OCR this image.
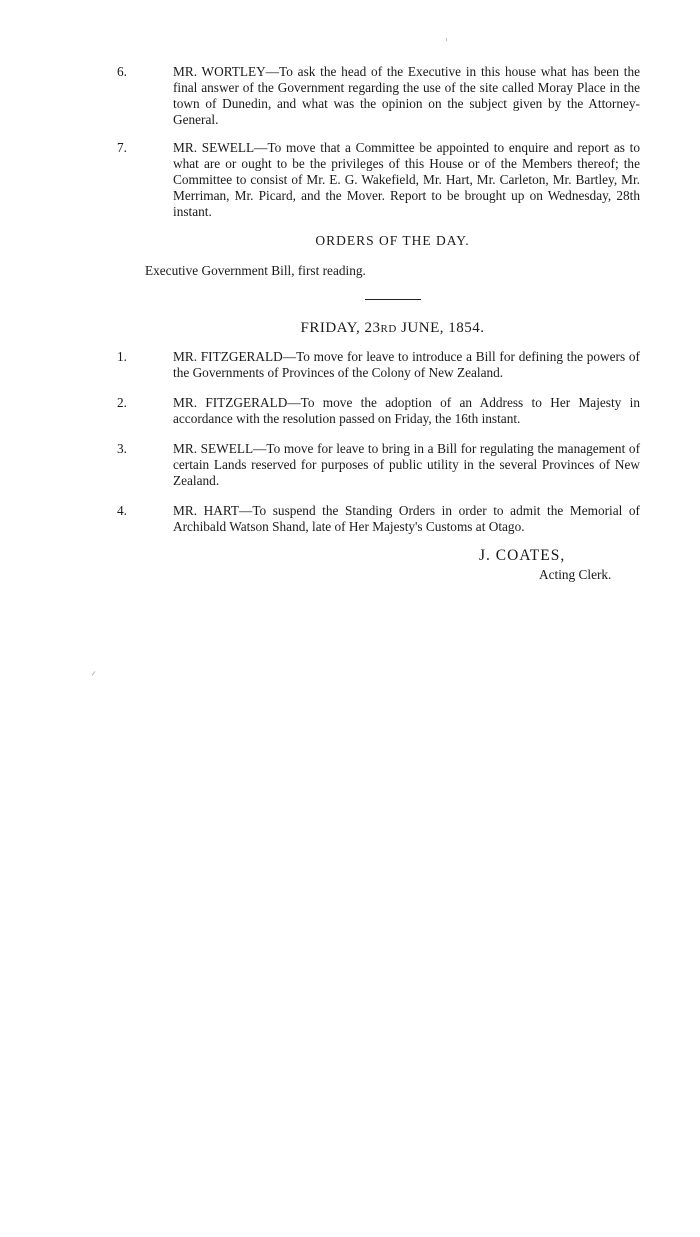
6.	MR. WORTLEY—To ask the head of the Executive in this house what has been the final answer of the Government regarding the use of the site called Moray Place in the town of Dunedin, and what was the opinion on the subject given by the Attorney-General.

7.	MR. SEWELL—To move that a Committee be appointed to enquire and report as to what are or ought to be the privileges of this House or of the Members thereof; the Committee to consist of Mr. E. G. Wakefield, Mr. Hart, Mr. Carleton, Mr. Bartley, Mr. Merriman, Mr. Picard, and the Mover. Report to be brought up on Wednesday, 28th instant.

ORDERS OF THE DAY.

Executive Government Bill, first reading.

FRIDAY, 23RD JUNE, 1854.

1.	MR. FITZGERALD—To move for leave to introduce a Bill for defining the powers of the Governments of Provinces of the Colony of New Zealand.

2.	MR. FITZGERALD—To move the adoption of an Address to Her Majesty in accordance with the resolution passed on Friday, the 16th instant.

3.	MR. SEWELL—To move for leave to bring in a Bill for regulating the management of certain Lands reserved for purposes of public utility in the several Provinces of New Zealand.

4.	MR. HART—To suspend the Standing Orders in order to admit the Memorial of Archibald Watson Shand, late of Her Majesty's Customs at Otago.

J. COATES,

Acting Clerk.
